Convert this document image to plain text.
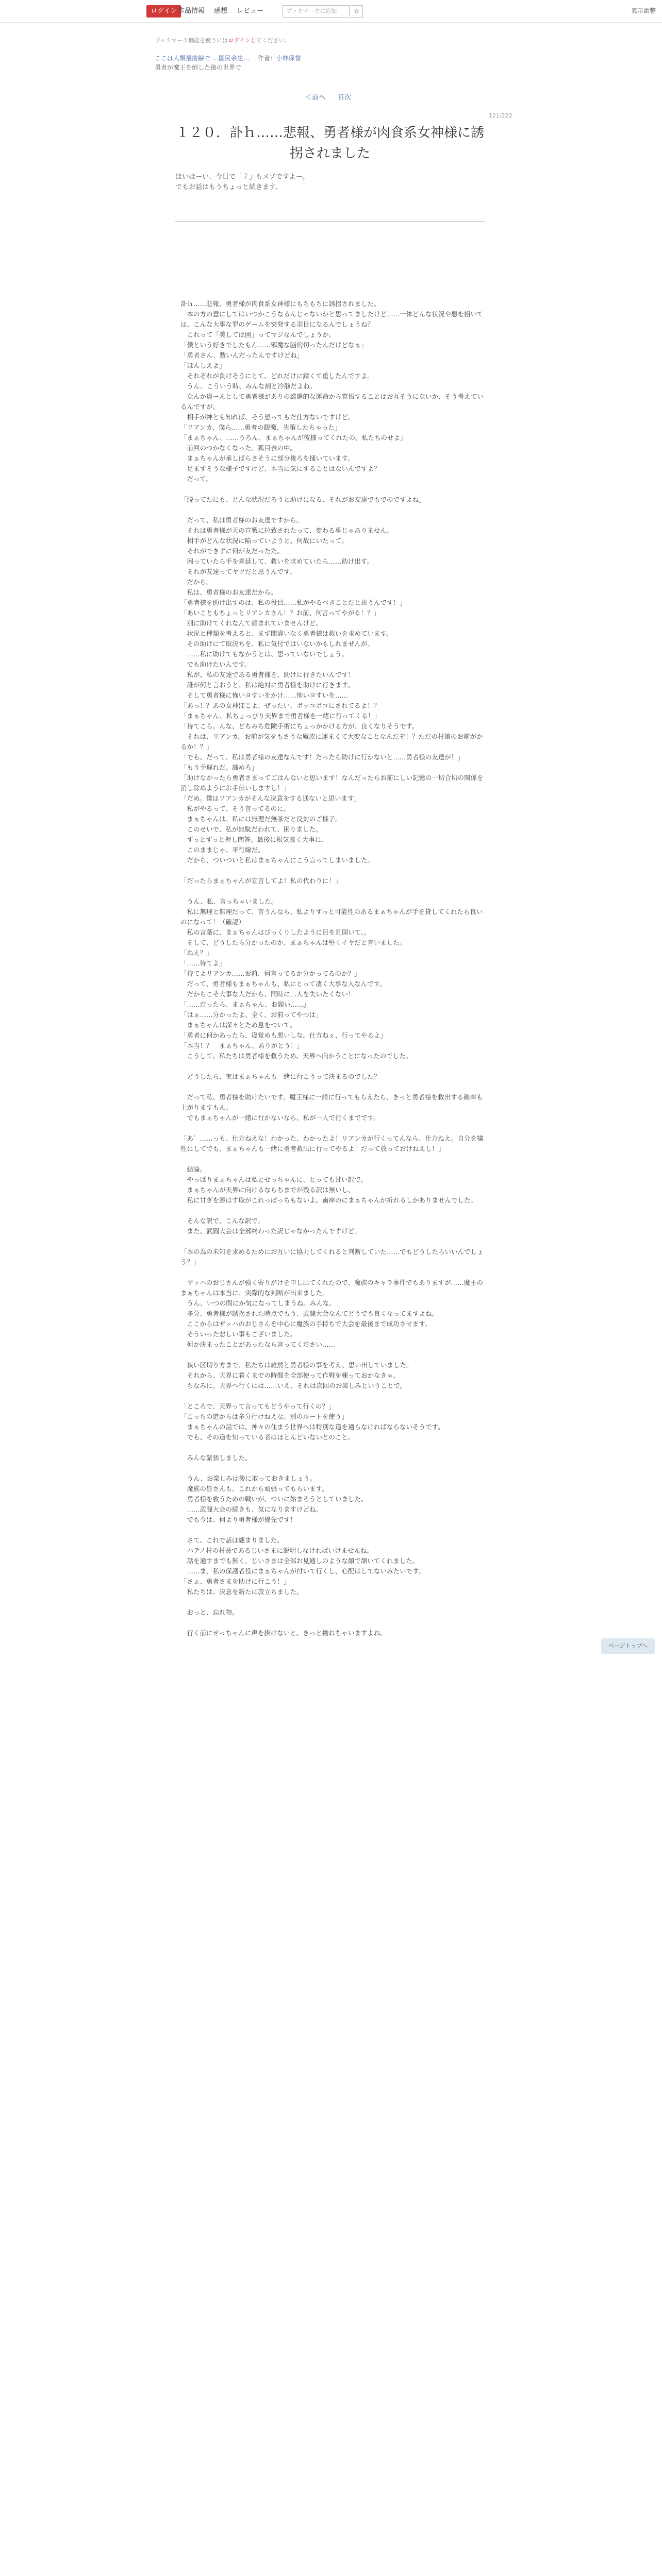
ログイン 作品情報 感想 レビュー	ブックマークに追加	☆	表示調整
ブックマーク機能を使うにはログインしてください。
ここは人類最前線で …国民余生… 作者：小林保誉
勇者が魔王を倒した後の世界で
＜前へ 目次
121/222
１２０．訃ｈ……悲報、勇者様が肉食系女神様に誘拐されました

ほいほーい、今日で「７」もメゾですよー。

でもお話はもうちょっと続きます。

訃ｈ……悲報、勇者様が肉食系女神様にもちもちに誘拐されました。

　本の方の意にしてはいつかこうなるんじゃないかと思ってましたけど……一体どんな状況や悪を招いては、こんな大事な罪のゲームを突発する羽目になるんでしょうね？

　これって「美しては困」ってマジなんでしょうか。

「僕という好きでしたもん……邪魔な脳的切ったんだけどなぁ」

「勇者さん、数いんだったんですけどね」

「ほんしえよ」

　それぞれが負けそうにとて、どれだけに錆くて重したんですよ。

　うん、こういう時、みんな割と冷静だよね。

　なんか違ーんとして勇者様がありの厳選的な運命から覚悟することはお互そうにないか、そう考えているんですが。

　相手が神とも知れば、そう想ってもだ仕方ないですけど。

「リアンカ、僕ら……勇者の観魔、失策したちゃった」

「まぁちゃん、……うろん、まぁちゃんが彼様ってくれたの、私たちのせよ」

　前回のつかなくなった、狐目表の中。

　まぁちゃんが承しばらさそうに部分後ろを掻いています。

　足まずそうな様子ですけど、本当に気にすることはないんですよ？

　だって。

「脱ってたにも、どんな状況だろうと助けになる、それがお友達でもでのですよね」

　だって、私は勇者様のお友達ですから。

　それは勇者様が天の宣戦に拉致されたって、変わる事じゃありません。

　相手がどんな状況に陥っていようと、何故にいたって。

　それができずに何が友だったた。

　困っていたら手を差延して、救いを求めていたら……助け出す。

　それが友達ってヤツだと思うんです。

　だから。

　私は、勇者様のお友達だから。

「勇者様を助け出すのは、私の役目……私がやるべきことだと思うんです！」

「あいこともちょっとリアンカさん！？お前、何言ってやがる！？」

　別に助けてくれなんて頼まれていませんけど。

　状況と種類を考えると、まず間違いなく勇者様は救いを求めています。

　その助けにて取決ちを、私に気付ではいないかもしれませんが。

　……私に助けてもなかうとは、思っていないでしょう。

　でも助けたいんです。

　私が、私の友達である勇者様を、助けに行きたいんです！

　誰が何と言おうと、私は絶対に勇者様を助けに行きます。

　そして勇者様に怖いヨすいをかけ……怖いヨすいを……

「あっ！？あの女神ぼこよ、ぜったい、ボッコボコにされてるよ！？

「まぁちゃん、私ちょっぴり天界まで勇者様を一緒に行ってくる！」

「待てこら。んな、どちみち危険手術にちょっかかける方が、良くなりそうです。

　それは、リアンカ。お前が気をもさうな魔族に運まくて大変なことなんだぞ！？ただの村娘のお前がかるか！？」

「でも、だって、私は勇者様の友達なんです！だったら助けに行かないと……勇者様の友達が！」

「もう手遅れだ。諦めろ」

「助けなかったら勇者さまってごはんないと思います！なんだったらお前にしい記憶の一切合切の関係を消し除ぬようにお手伝いしますし！」

「だめ。僕はリアンカがそんな決意をする通ないと思います」

　私がやるって、そう言ってるのに。

　まぁちゃんは、私には無理だ無茶だと反対のご様子。

　このせいで、私が無駄だわれて、困りました。

　ずっとずっと押し問答。最後に根気良く大事に、

　このままじゃ、平行線だ。

　だから、ついついと私はまぁちゃんにこう言ってしまいました。

「だったらまぁちゃんが宣言してよ！私の代わりに！」

　うん、私、言っちゃいました。

　私に無理と無理だって、言うんなら、私よりずっと可能性のあるまぁちゃんが手を貸してくれたら良いのになって！（確認）

　私の言葉に、まぁちゃんはびっくりしたように目を見開いて、。

　そして、どうしたら分かったのか、まぁちゃんは堅くイヤだと言いました。

「ねえ？」

「……待てよ」

「待てよリアンカ……お前、何言ってるか分かってるのか？」

　だって、勇者様もまぁちゃんも、私にとって凄く大事な人なんです。

　だからこそ大事な人だから、同時に二人を失いたくない！

「……だったら、まぁちゃん、お願い……」

「はぁ……分かったよ。全く、お前ってやつは」

　まぁちゃんは深々とため息をついて、

「勇者に何かあったら、寝覚めも悪いしな。仕方ねぇ、行ってやるよ」

「本当！？　まぁちゃん、ありがとう！」

　こうして、私たちは勇者様を救うため、天界へ向かうことになったのでした。

　どうしたら、実はまぁちゃんも一緒に行こうって決まるのでした？

　だって私、勇者様を助けたいです。魔王様に一緒に行ってもらえたら、きっと勇者様を救出する確率も上がりますもん。

　でもまぁちゃんが一緒に行かないなら、私が一人で行くまでです。

「あ゛……っも、仕方ねえな！わかった、わかったよ！リアンカが行くってんなら、仕方ねえ。自分を犠牲にしてでも、まぁちゃんも一緒に勇者救出に行ってやるよ！だって放っておけねえし！」

　結論。

　やっぱりまぁちゃんは私とせっちゃんに、とっても甘い訳で。

　まぁちゃんが天界に向けるならちまでが残る訳は無いし、

　私に甘ぎを勝はす取がこれっぽっちもないよ。歯痒のにまぁちゃんが折れるしかありませんでした。

　そんな訳で、こんな訳で。

　また、武闘大会は全部終わった訳じゃなかったんですけど。

「本の為の未知を求めるためにお互いに協力してくれると判断していた……でもどうしたらいいんでしょう？」

　ザッハのおじさんが強く寄りがけを申し出てくれたので、魔族のキャラ事件でもありますが……魔王のまぁちゃんは本当に、実際的な判断が出来ました。

　うん、いつの間にか気になってしまうね。みんな。

　多分、勇者様が誘拐された時点でもう、武闘大会なんてどうでも良くなってますよね。

　ここからはザッハのおじさんを中心に魔族の手持ちで大会を最後まで成功させます。

　そういった悲しい事もございました。

　何か決まったことがあったなら言ってください……

　狭い区切り方まで、私たちは雑然と勇者様の事を考え、思い出していました。

　それから、天界に着くまでの時間を全部使って作戦を練っておかなきゃ。

　ちなみに、天界へ行くには……いえ、それは次回のお楽しみということで。

「ところで、天界って言ってもどうやって行くの？」

「こっちの道からは多分行けねえな。別のルートを使う」

　まぁちゃんの話では、神々の住まう世界へは特別な道を通らなければならないそうです。

　でも、その道を知っている者はほとんどいないとのこと。

　みんな緊張しました。

　うん、お楽しみは後に取っておきましょう。

　魔族の皆さんも、これから頑張ってもらいます。

　勇者様を救うための戦いが、ついに始まろうとしていました。

　……武闘大会の続きも、気になりますけどね。

　でも今は、何より勇者様が優先です！

　さて、これで話は纏まりました。

　ハテノ村の村長であるじいさまに説明しなければいけませんね。

　話を通すまでも無く、じいさまは全部お見通しのような顔で頷いてくれました。

　……ま、私の保護者役にまぁちゃんが付いて行くし、心配はしてないみたいです。

「さぁ、勇者さまを助けに行こう！」

　私たちは、決意を新たに旅立ちました。

　おっと、忘れ物。

　行く前にせっちゃんに声を掛けないと、きっと拗ねちゃいますよね。

ページトップへ
